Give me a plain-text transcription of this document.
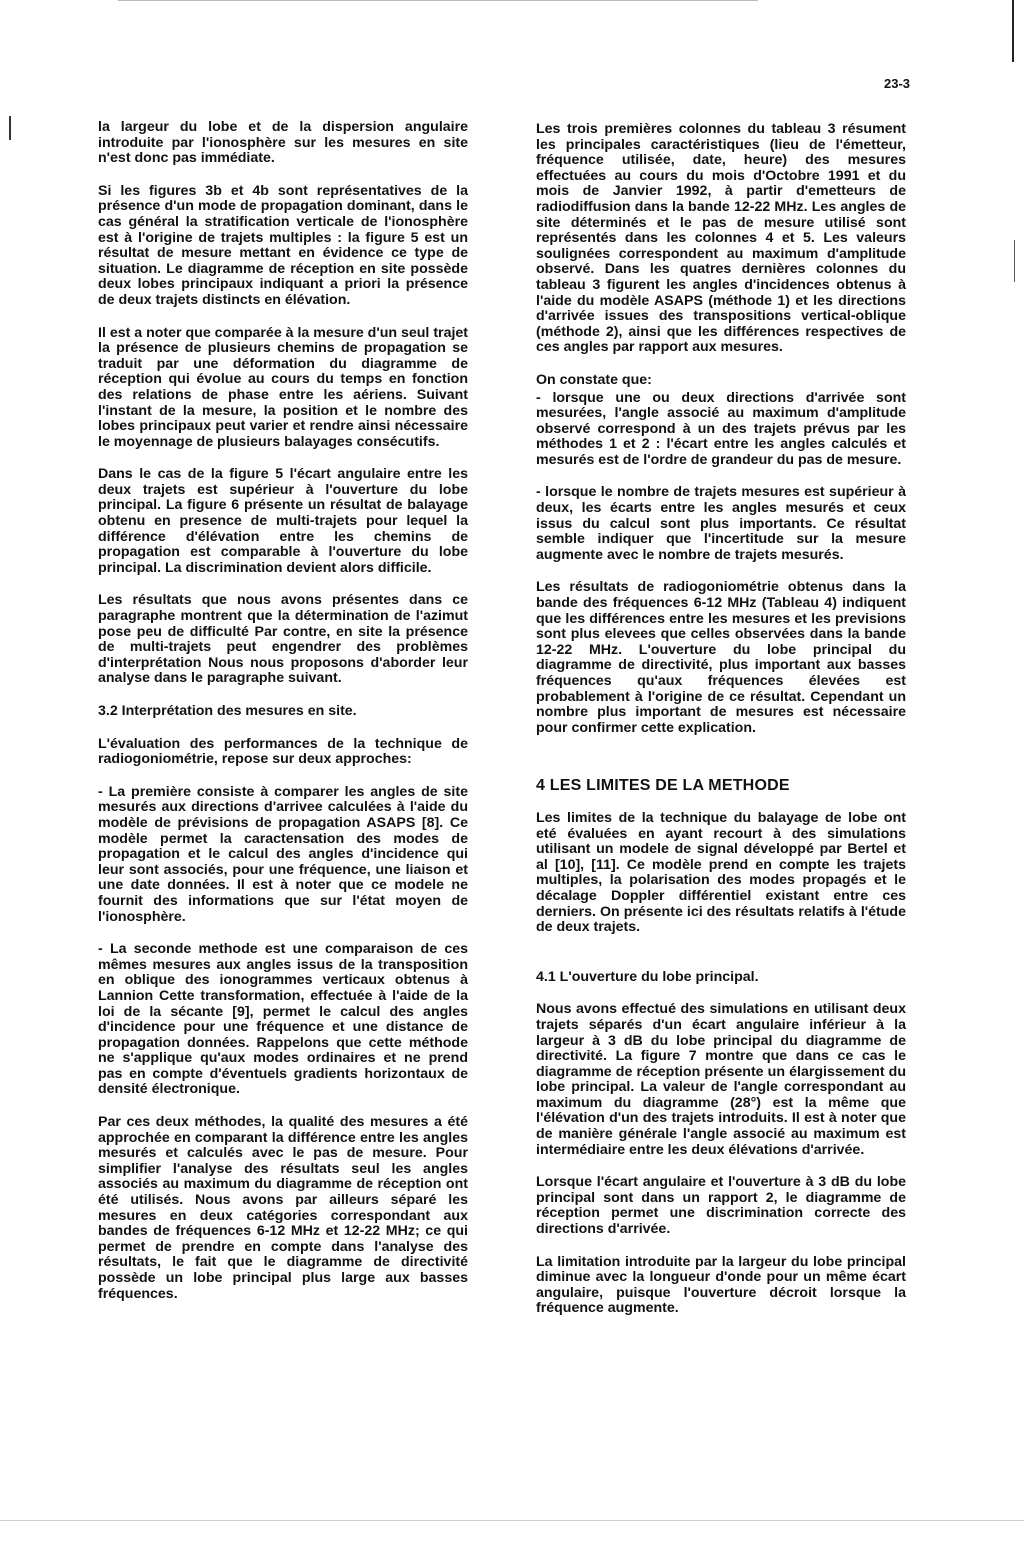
23-3

la largeur du lobe et de la dispersion angulaire introduite par l'ionosphère sur les mesures en site n'est donc pas immédiate.

Si les figures 3b et 4b sont représentatives de la présence d'un mode de propagation dominant, dans le cas général la stratification verticale de l'ionosphère est à l'origine de trajets multiples : la figure 5 est un résultat de mesure mettant en évidence ce type de situation. Le diagramme de réception en site possède deux lobes principaux indiquant a priori la présence de deux trajets distincts en élévation.

Il est a noter que comparée à la mesure d'un seul trajet la présence de plusieurs chemins de propagation se traduit par une déformation du diagramme de réception qui évolue au cours du temps en fonction des relations de phase entre les aériens. Suivant l'instant de la mesure, la position et le nombre des lobes principaux peut varier et rendre ainsi nécessaire le moyennage de plusieurs balayages consécutifs.

Dans le cas de la figure 5 l'écart angulaire entre les deux trajets est supérieur à l'ouverture du lobe principal. La figure 6 présente un résultat de balayage obtenu en presence de multi-trajets pour lequel la différence d'élévation entre les chemins de propagation est comparable à l'ouverture du lobe principal. La discrimination devient alors difficile.

Les résultats que nous avons présentes dans ce paragraphe montrent que la détermination de l'azimut pose peu de difficulté Par contre, en site la présence de multi-trajets peut engendrer des problèmes d'interprétation Nous nous proposons d'aborder leur analyse dans le paragraphe suivant.

3.2 Interprétation des mesures en site.

L'évaluation des performances de la technique de radiogoniométrie, repose sur deux approches:

- La première consiste à comparer les angles de site mesurés aux directions d'arrivee calculées à l'aide du modèle de prévisions de propagation ASAPS [8]. Ce modèle permet la caractensation des modes de propagation et le calcul des angles d'incidence qui leur sont associés, pour une fréquence, une liaison et une date données. Il est à noter que ce modele ne fournit des informations que sur l'état moyen de l'ionosphère.

- La seconde methode est une comparaison de ces mêmes mesures aux angles issus de la transposition en oblique des ionogrammes verticaux obtenus à Lannion Cette transformation, effectuée à l'aide de la loi de la sécante [9], permet le calcul des angles d'incidence pour une fréquence et une distance de propagation données. Rappelons que cette méthode ne s'applique qu'aux modes ordinaires et ne prend pas en compte d'éventuels gradients horizontaux de densité électronique.

Par ces deux méthodes, la qualité des mesures a été approchée en comparant la différence entre les angles mesurés et calculés avec le pas de mesure. Pour simplifier l'analyse des résultats seul les angles associés au maximum du diagramme de réception ont été utilisés. Nous avons par ailleurs séparé les mesures en deux catégories correspondant aux bandes de fréquences 6-12 MHz et 12-22 MHz; ce qui permet de prendre en compte dans l'analyse des résultats, le fait que le diagramme de directivité possède un lobe principal plus large aux basses fréquences.

Les trois premières colonnes du tableau 3 résument les principales caractéristiques (lieu de l'émetteur, fréquence utilisée, date, heure) des mesures effectuées au cours du mois d'Octobre 1991 et du mois de Janvier 1992, à partir d'emetteurs de radiodiffusion dans la bande 12-22 MHz. Les angles de site déterminés et le pas de mesure utilisé sont représentés dans les colonnes 4 et 5. Les valeurs soulignées correspondent au maximum d'amplitude observé. Dans les quatres dernières colonnes du tableau 3 figurent les angles d'incidences obtenus à l'aide du modèle ASAPS (méthode 1) et les directions d'arrivée issues des transpositions vertical-oblique (méthode 2), ainsi que les différences respectives de ces angles par rapport aux mesures.

On constate que:

- lorsque une ou deux directions d'arrivée sont mesurées, l'angle associé au maximum d'amplitude observé correspond à un des trajets prévus par les méthodes 1 et 2 : l'écart entre les angles calculés et mesurés est de l'ordre de grandeur du pas de mesure.

- lorsque le nombre de trajets mesures est supérieur à deux, les écarts entre les angles mesurés et ceux issus du calcul sont plus importants. Ce résultat semble indiquer que l'incertitude sur la mesure augmente avec le nombre de trajets mesurés.

Les résultats de radiogoniométrie obtenus dans la bande des fréquences 6-12 MHz (Tableau 4) indiquent que les différences entre les mesures et les previsions sont plus elevees que celles observées dans la bande 12-22 MHz. L'ouverture du lobe principal du diagramme de directivité, plus important aux basses fréquences qu'aux fréquences élevées est probablement à l'origine de ce résultat. Cependant un nombre plus important de mesures est nécessaire pour confirmer cette explication.

4 LES LIMITES DE LA METHODE

Les limites de la technique du balayage de lobe ont eté évaluées en ayant recourt à des simulations utilisant un modele de signal développé par Bertel et al [10], [11]. Ce modèle prend en compte les trajets multiples, la polarisation des modes propagés et le décalage Doppler différentiel existant entre ces derniers. On présente ici des résultats relatifs à l'étude de deux trajets.

4.1 L'ouverture du lobe principal.

Nous avons effectué des simulations en utilisant deux trajets séparés d'un écart angulaire inférieur à la largeur à 3 dB du lobe principal du diagramme de directivité. La figure 7 montre que dans ce cas le diagramme de réception présente un élargissement du lobe principal. La valeur de l'angle correspondant au maximum du diagramme (28°) est la même que l'élévation d'un des trajets introduits. Il est à noter que de manière générale l'angle associé au maximum est intermédiaire entre les deux élévations d'arrivée.

Lorsque l'écart angulaire et l'ouverture à 3 dB du lobe principal sont dans un rapport 2, le diagramme de réception permet une discrimination correcte des directions d'arrivée.

La limitation introduite par la largeur du lobe principal diminue avec la longueur d'onde pour un même écart angulaire, puisque l'ouverture décroit lorsque la fréquence augmente.
